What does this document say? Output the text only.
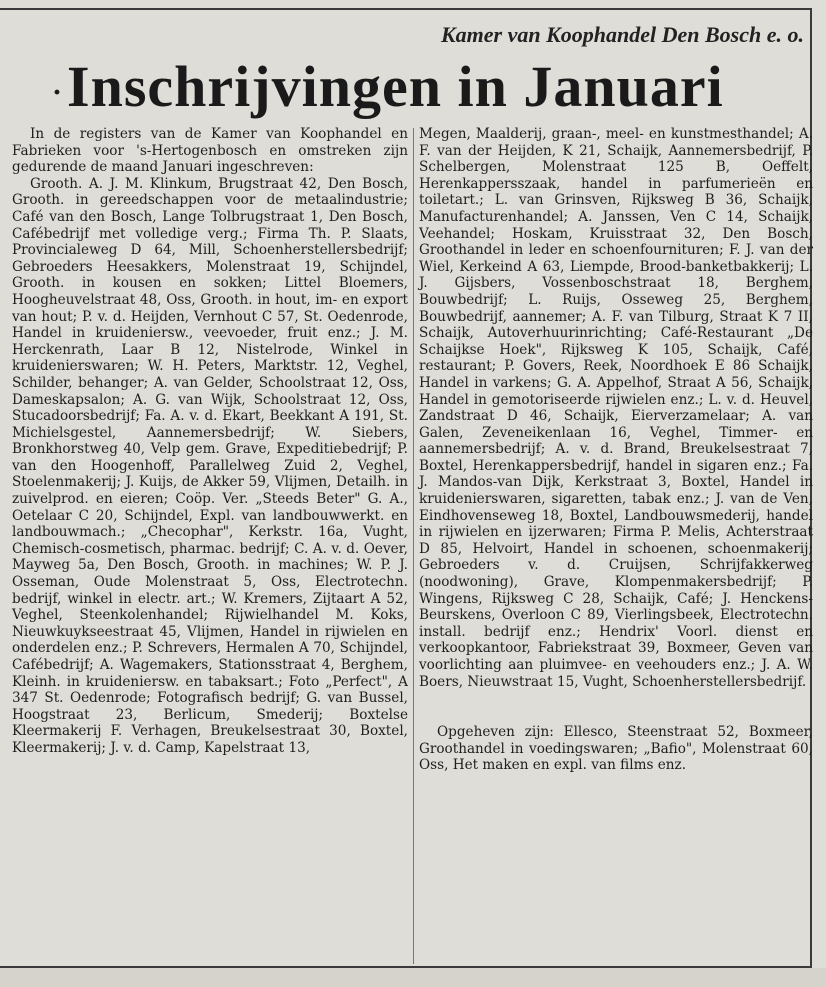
Kamer van Koophandel Den Bosch e. o.
·Inschrijvingen in Januari

In de registers van de Kamer van Koophandel en Fabrieken voor 's-Hertogenbosch en omstreken zijn gedurende de maand Januari ingeschreven:

Grooth. A. J. M. Klinkum, Brugstraat 42, Den Bosch, Grooth. in gereedschappen voor de metaalindustrie; Café van den Bosch, Lange Tolbrugstraat 1, Den Bosch, Cafébedrijf met volledige verg.; Firma Th. P. Slaats, Provincialeweg D 64, Mill, Schoenherstellersbedrijf; Gebroeders Heesakkers, Molenstraat 19, Schijndel, Grooth. in kousen en sokken; Littel Bloemers, Hoogheuvelstraat 48, Oss, Grooth. in hout, im- en export van hout; P. v. d. Heijden, Vernhout C 57, St. Oedenrode, Handel in kruideniersw., veevoeder, fruit enz.; J. M. Herckenrath, Laar B 12, Nistelrode, Winkel in kruidenierswaren; W. H. Peters, Marktstr. 12, Veghel, Schilder, behanger; A. van Gelder, Schoolstraat 12, Oss, Dameskapsalon; A. G. van Wijk, Schoolstraat 12, Oss, Stucadoorsbedrijf; Fa. A. v. d. Ekart, Beekkant A 191, St. Michielsgestel, Aannemersbedrijf; W. Siebers, Bronkhorstweg 40, Velp gem. Grave, Expeditiebedrijf; P. van den Hoogenhoff, Parallelweg Zuid 2, Veghel, Stoelenmakerij; J. Kuijs, de Akker 59, Vlijmen, Detailh. in zuivelprod. en eieren; Coöp. Ver. „Steeds Beter" G. A., Oetelaar C 20, Schijndel, Expl. van landbouwwerkt. en landbouwmach.; „Checophar", Kerkstr. 16a, Vught, Chemisch-cosmetisch, pharmac. bedrijf; C. A. v. d. Oever, Mayweg 5a, Den Bosch, Grooth. in machines; W. P. J. Osseman, Oude Molenstraat 5, Oss, Electrotechn. bedrijf, winkel in electr. art.; W. Kremers, Zijtaart A 52, Veghel, Steenkolenhandel; Rijwielhandel M. Koks, Nieuwkuykseestraat 45, Vlijmen, Handel in rijwielen en onderdelen enz.; P. Schrevers, Hermalen A 70, Schijndel, Cafébedrijf; A. Wagemakers, Stationsstraat 4, Berghem, Kleinh. in kruideniersw. en tabaksart.; Foto „Perfect", A 347 St. Oedenrode; Fotografisch bedrijf; G. van Bussel, Hoogstraat 23, Berlicum, Smederij; Boxtelse Kleermakerij F. Verhagen, Breukelsestraat 30, Boxtel, Kleermakerij; J. v. d. Camp, Kapelstraat 13,

Megen, Maalderij, graan-, meel- en kunstmesthandel; A. F. van der Heijden, K 21, Schaijk, Aannemersbedrijf, P. Schelbergen, Molenstraat 125 B, Oeffelt, Herenkappersszaak, handel in parfumerieën en toiletart.; L. van Grinsven, Rijksweg B 36, Schaijk, Manufacturenhandel; A. Janssen, Ven C 14, Schaijk, Veehandel; Hoskam, Kruisstraat 32, Den Bosch, Groothandel in leder en schoenfournituren; F. J. van der Wiel, Kerkeind A 63, Liempde, Brood-banketbakkerij; L. J. Gijsbers, Vossenboschstraat 18, Berghem, Bouwbedrijf; L. Ruijs, Osseweg 25, Berghem, Bouwbedrijf, aannemer; A. F. van Tilburg, Straat K 7 II, Schaijk, Autoverhuurinrichting; Café-Restaurant „De Schaijkse Hoek", Rijksweg K 105, Schaijk, Café, restaurant; P. Govers, Reek, Noordhoek E 86 Schaijk, Handel in varkens; G. A. Appelhof, Straat A 56, Schaijk, Handel in gemotoriseerde rijwielen enz.; L. v. d. Heuvel, Zandstraat D 46, Schaijk, Eierverzamelaar; A. van Galen, Zeveneikenlaan 16, Veghel, Timmer- en aannemersbedrijf; A. v. d. Brand, Breukelsestraat 7, Boxtel, Herenkappersbedrijf, handel in sigaren enz.; Fa. J. Mandos-van Dijk, Kerkstraat 3, Boxtel, Handel in kruidenierswaren, sigaretten, tabak enz.; J. van de Ven, Eindhovenseweg 18, Boxtel, Landbouwsmederij, handel in rijwielen en ijzerwaren; Firma P. Melis, Achterstraat D 85, Helvoirt, Handel in schoenen, schoenmakerij; Gebroeders v. d. Cruijsen, Schrijfakkerweg (noodwoning), Grave, Klompenmakersbedrijf; P. Wingens, Rijksweg C 28, Schaijk, Café; J. Henckens-Beurskens, Overloon C 89, Vierlingsbeek, Electrotechn. install. bedrijf enz.; Hendrix' Voorl. dienst en verkoopkantoor, Fabriekstraat 39, Boxmeer, Geven van voorlichting aan pluimvee- en veehouders enz.; J. A. W. Boers, Nieuwstraat 15, Vught, Schoenherstellersbedrijf.

Opgeheven zijn: Ellesco, Steenstraat 52, Boxmeer, Groothandel in voedingswaren; „Bafio", Molenstraat 60, Oss, Het maken en expl. van films enz.
